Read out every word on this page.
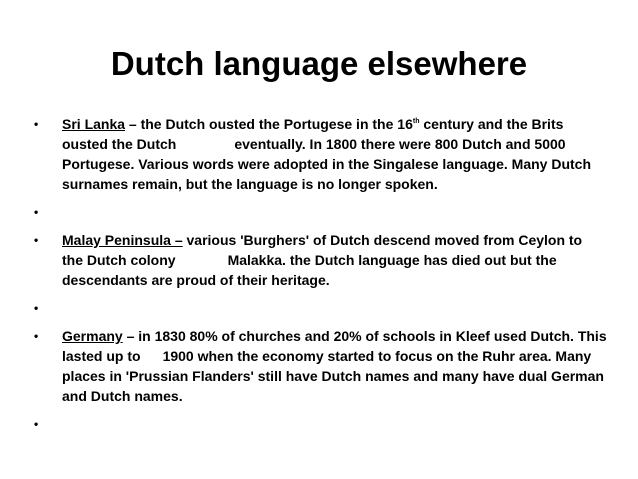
Dutch language elsewhere
• Sri Lanka – the Dutch ousted the Portugese in the 16th century and the Brits
ousted the Dutch	eventually. In 1800 there were 800 Dutch and 5000
Portugese. Various words were adopted in the Singalese language. Many Dutch
surnames remain, but the language is no longer spoken.
•
• Malay Peninsula – various 'Burghers' of Dutch descend moved from Ceylon to
the Dutch colony	Malakka. the Dutch language has died out but the
descendants are proud of their heritage.
•
• Germany – in 1830 80% of churches and 20% of schools in Kleef used Dutch. This
lasted up to 1900 when the economy started to focus on the Ruhr area. Many
places in 'Prussian Flanders' still have Dutch names and many have dual German
and Dutch names.
•
